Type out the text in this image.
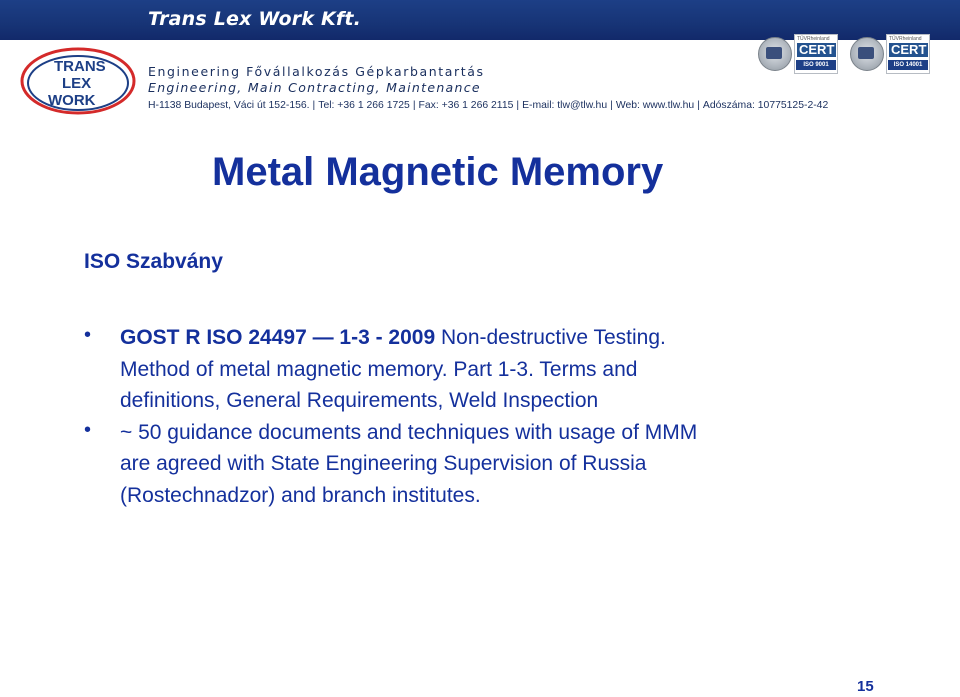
Trans Lex Work Kft.
TRANS
LEX
WORK
Engineering Fővállalkozás Gépkarbantartás
Engineering, Main Contracting, Maintenance
H-1138 Budapest, Váci út 152-156. | Tel: +36 1 266 1725 | Fax: +36 1 266 2115 | E-mail: tlw@tlw.hu | Web: www.tlw.hu | Adószáma: 10775125-2-42
TÜVRheinland
CERT
ISO 9001
TÜVRheinland
CERT
ISO 14001
Metal Magnetic Memory
ISO Szabvány
• GOST R ISO 24497 — 1-3 - 2009 Non-destructive Testing.
Method of metal magnetic memory. Part 1-3. Terms and
definitions, General Requirements, Weld Inspection
• ~ 50 guidance documents and techniques with usage of MMM
are agreed with State Engineering Supervision of Russia
(Rostechnadzor) and branch institutes.
15
